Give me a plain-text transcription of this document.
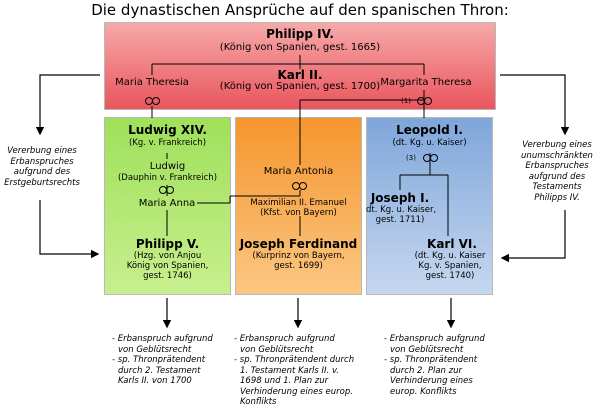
Die dynastischen Ansprüche auf den spanischen Thron:
Philipp IV.
(König von Spanien, gest. 1665)
Maria Theresia
Karl II.
(König von Spanien, gest. 1700) Margarita Theresa
(1)
Ludwig XIV.
(Kg. v. Frankreich)
Ludwig
(Dauphin v. Frankreich)
Maria Anna
Philipp V.
(Hzg. von Anjou
König von Spanien,
gest. 1746)
Maria Antonia
Maximilian II. Emanuel
(Kfst. von Bayern)
Joseph Ferdinand
(Kurprinz von Bayern,
gest. 1699)
Leopold I.
(dt. Kg. u. Kaiser)
(3)
Joseph I.
dt. Kg. u. Kaiser,
gest. 1711)
Karl VI.
(dt. Kg. u. Kaiser
Kg. v. Spanien,
gest. 1740)
Vererbung eines
Erbanspruches
aufgrund des
Erstgeburtsrechts
Vererbung eines
unumschränkten
Erbanspruches
aufgrund des
Testaments
Philipps IV.
- Erbanspruch aufgrund
von Geblütsrecht
- sp. Thronprätendent
durch 2. Testament
Karls II. von 1700
- Erbanspruch aufgrund
von Geblütsrecht
- sp. Thronprätendent durch
1. Testament Karls II. v.
1698 und 1. Plan zur
Verhinderung eines europ.
Konflikts
- Erbanspruch aufgrund
von Geblütsrecht
- sp. Thronprätendent
durch 2. Plan zur
Verhinderung eines
europ. Konflikts
